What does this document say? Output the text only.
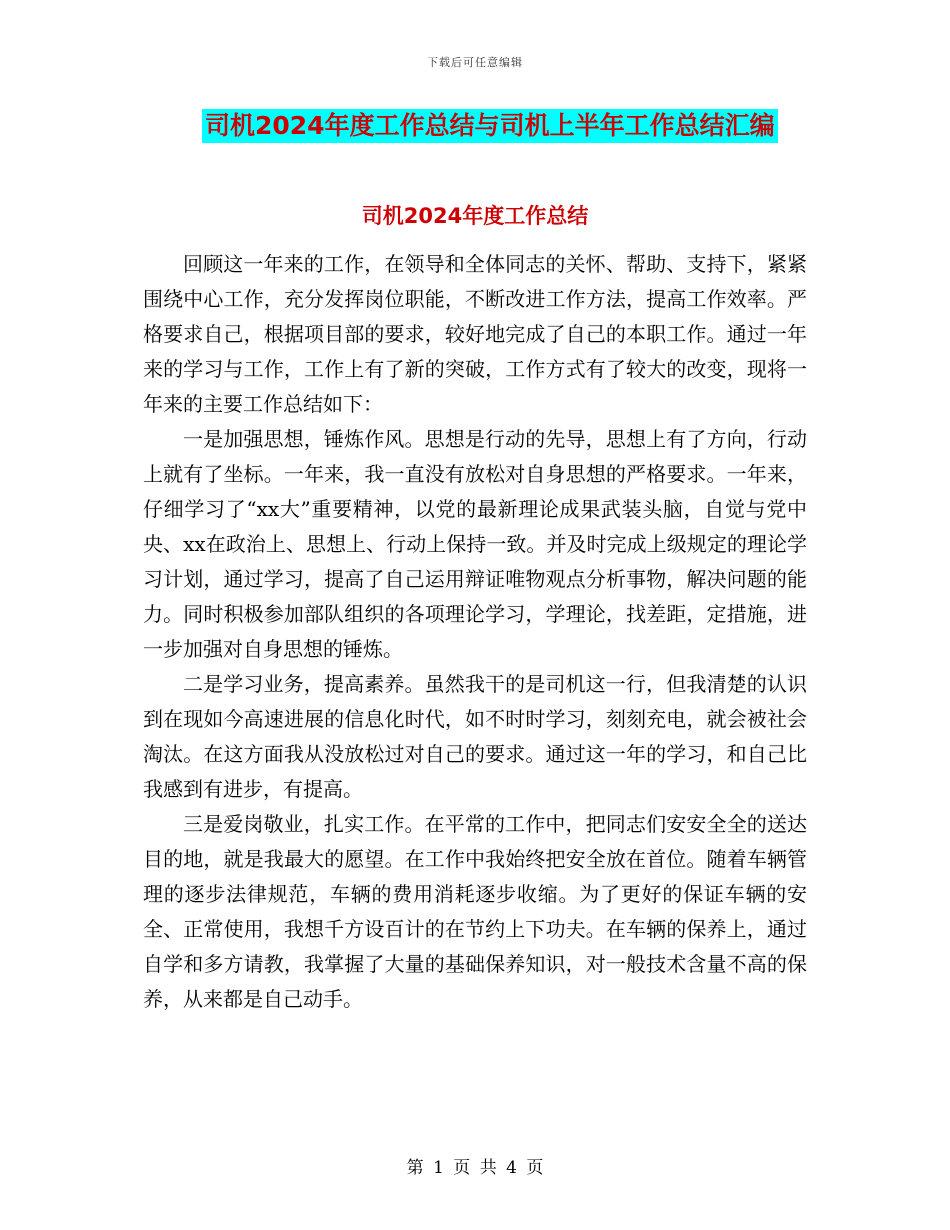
下载后可任意编辑
司机2024年度工作总结与司机上半年工作总结汇编
司机2024年度工作总结

回顾这一年来的工作，在领导和全体同志的关怀、帮助、支持下，紧紧围绕中心工作，充分发挥岗位职能，不断改进工作方法，提高工作效率。严格要求自己，根据项目部的要求，较好地完成了自己的本职工作。通过一年来的学习与工作，工作上有了新的突破，工作方式有了较大的改变，现将一年来的主要工作总结如下：

一是加强思想，锤炼作风。思想是行动的先导，思想上有了方向，行动上就有了坐标。一年来，我一直没有放松对自身思想的严格要求。一年来，仔细学习了“xx大”重要精神，以党的最新理论成果武装头脑，自觉与党中央、xx在政治上、思想上、行动上保持一致。并及时完成上级规定的理论学习计划，通过学习，提高了自己运用辩证唯物观点分析事物，解决问题的能力。同时积极参加部队组织的各项理论学习，学理论，找差距，定措施，进一步加强对自身思想的锤炼。

二是学习业务，提高素养。虽然我干的是司机这一行，但我清楚的认识到在现如今高速进展的信息化时代，如不时时学习，刻刻充电，就会被社会淘汰。在这方面我从没放松过对自己的要求。通过这一年的学习，和自己比我感到有进步，有提高。

三是爱岗敬业，扎实工作。在平常的工作中，把同志们安安全全的送达目的地，就是我最大的愿望。在工作中我始终把安全放在首位。随着车辆管理的逐步法律规范，车辆的费用消耗逐步收缩。为了更好的保证车辆的安全、正常使用，我想千方设百计的在节约上下功夫。在车辆的保养上，通过自学和多方请教，我掌握了大量的基础保养知识，对一般技术含量不高的保养，从来都是自己动手。

第 1 页 共 4 页
